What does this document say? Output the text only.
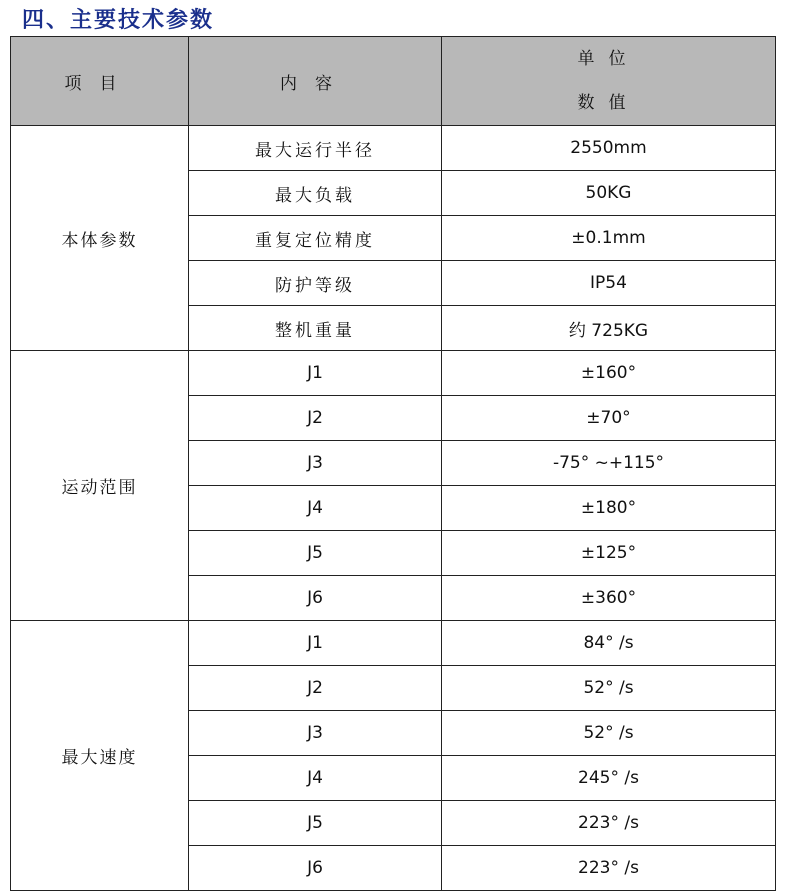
四、主要技术参数
项目	内容	单位
数值
本体参数	最大运行半径	2550mm
	最大负载	50KG
	重复定位精度	±0.1mm
	防护等级	IP54
	整机重量	约 725KG
运动范围	J1	±160°
	J2	±70°
	J3	-75° ~+115°
	J4	±180°
	J5	±125°
	J6	±360°
最大速度	J1	84° /s
	J2	52° /s
	J3	52° /s
	J4	245° /s
	J5	223° /s
	J6	223° /s
